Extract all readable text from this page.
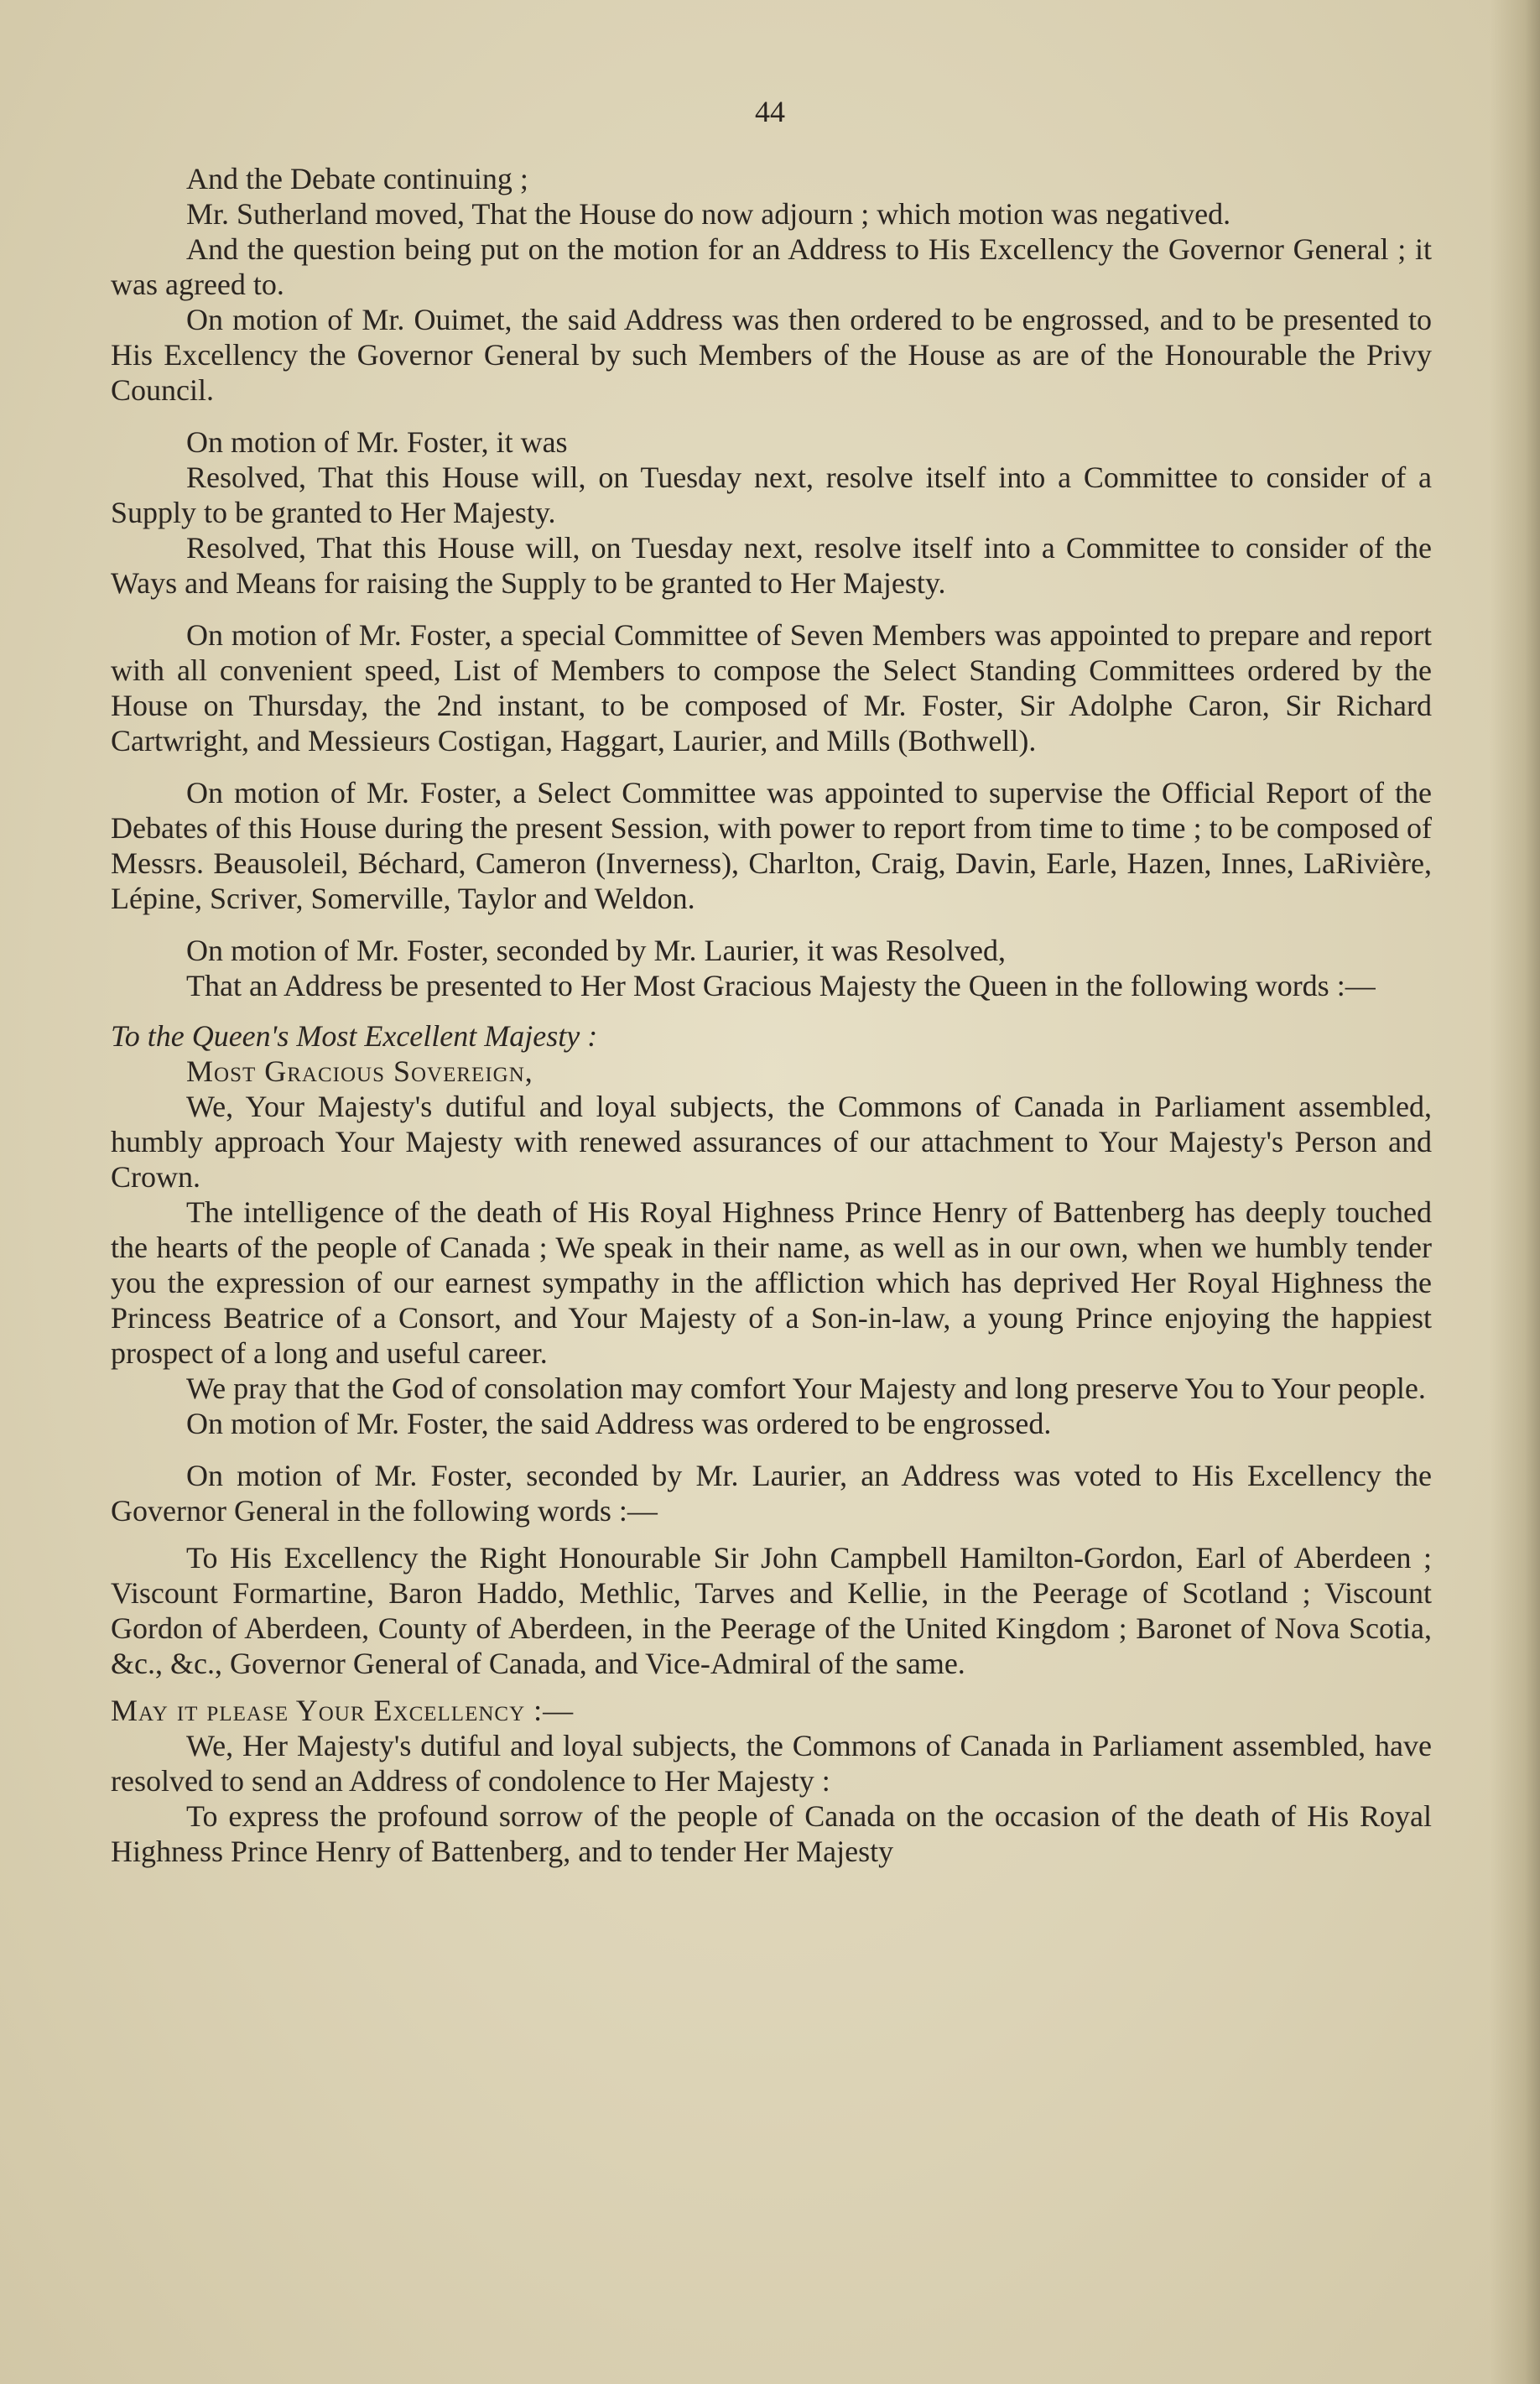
44

And the Debate continuing ;

Mr. Sutherland moved, That the House do now adjourn ; which motion was negatived.

And the question being put on the motion for an Address to His Excellency the Governor General ; it was agreed to.

On motion of Mr. Ouimet, the said Address was then ordered to be engrossed, and to be presented to His Excellency the Governor General by such Members of the House as are of the Honourable the Privy Council.

On motion of Mr. Foster, it was

Resolved, That this House will, on Tuesday next, resolve itself into a Committee to consider of a Supply to be granted to Her Majesty.

Resolved, That this House will, on Tuesday next, resolve itself into a Committee to consider of the Ways and Means for raising the Supply to be granted to Her Majesty.

On motion of Mr. Foster, a special Committee of Seven Members was appointed to prepare and report with all convenient speed, List of Members to compose the Select Standing Committees ordered by the House on Thursday, the 2nd instant, to be composed of Mr. Foster, Sir Adolphe Caron, Sir Richard Cartwright, and Messieurs Costigan, Haggart, Laurier, and Mills (Bothwell).

On motion of Mr. Foster, a Select Committee was appointed to supervise the Official Report of the Debates of this House during the present Session, with power to report from time to time ; to be composed of Messrs. Beausoleil, Béchard, Cameron (Inverness), Charlton, Craig, Davin, Earle, Hazen, Innes, LaRivière, Lépine, Scriver, Somerville, Taylor and Weldon.

On motion of Mr. Foster, seconded by Mr. Laurier, it was Resolved,

That an Address be presented to Her Most Gracious Majesty the Queen in the following words :—

To the Queen's Most Excellent Majesty :

Most Gracious Sovereign,

We, Your Majesty's dutiful and loyal subjects, the Commons of Canada in Parliament assembled, humbly approach Your Majesty with renewed assurances of our attachment to Your Majesty's Person and Crown.

The intelligence of the death of His Royal Highness Prince Henry of Battenberg has deeply touched the hearts of the people of Canada ; We speak in their name, as well as in our own, when we humbly tender you the expression of our earnest sympathy in the affliction which has deprived Her Royal Highness the Princess Beatrice of a Consort, and Your Majesty of a Son-in-law, a young Prince enjoying the happiest prospect of a long and useful career.

We pray that the God of consolation may comfort Your Majesty and long preserve You to Your people.

On motion of Mr. Foster, the said Address was ordered to be engrossed.

On motion of Mr. Foster, seconded by Mr. Laurier, an Address was voted to His Excellency the Governor General in the following words :—

To His Excellency the Right Honourable Sir John Campbell Hamilton-Gordon, Earl of Aberdeen ; Viscount Formartine, Baron Haddo, Methlic, Tarves and Kellie, in the Peerage of Scotland ; Viscount Gordon of Aberdeen, County of Aberdeen, in the Peerage of the United Kingdom ; Baronet of Nova Scotia, &c., &c., Governor General of Canada, and Vice-Admiral of the same.

May it please Your Excellency :—

We, Her Majesty's dutiful and loyal subjects, the Commons of Canada in Parliament assembled, have resolved to send an Address of condolence to Her Majesty :

To express the profound sorrow of the people of Canada on the occasion of the death of His Royal Highness Prince Henry of Battenberg, and to tender Her Majesty
